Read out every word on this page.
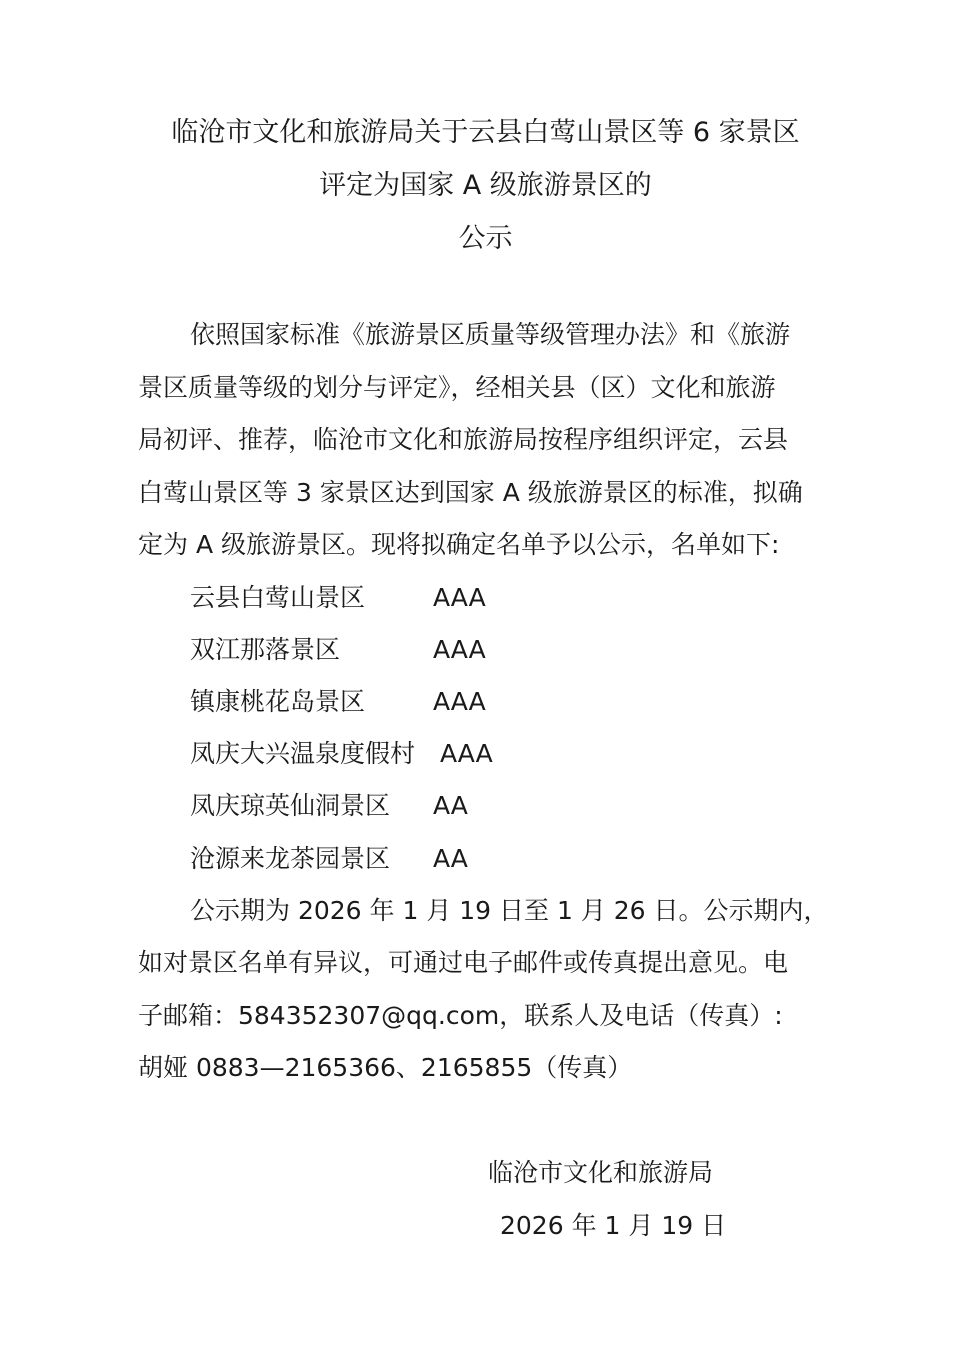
临沧市文化和旅游局关于云县白莺山景区等 6 家景区
评定为国家 A 级旅游景区的
公示
依照国家标准《旅游景区质量等级管理办法》和《旅游
景区质量等级的划分与评定》，经相关县（区）文化和旅游
局初评、推荐，临沧市文化和旅游局按程序组织评定，云县
白莺山景区等 3 家景区达到国家 A 级旅游景区的标准，拟确
定为 A 级旅游景区。现将拟确定名单予以公示，名单如下:
云县白莺山景区	AAA
双江那落景区	AAA
镇康桃花岛景区	AAA
凤庆大兴温泉度假村 AAA
凤庆琼英仙洞景区 AA
沧源来龙茶园景区 AA
公示期为 2026 年 1 月 19 日至 1 月 26 日。公示期内，
如对景区名单有异议，可通过电子邮件或传真提出意见。电
子邮箱：584352307@qq.com，联系人及电话（传真）:
胡娅 0883—2165366、2165855（传真）
临沧市文化和旅游局
2026 年 1 月 19 日
